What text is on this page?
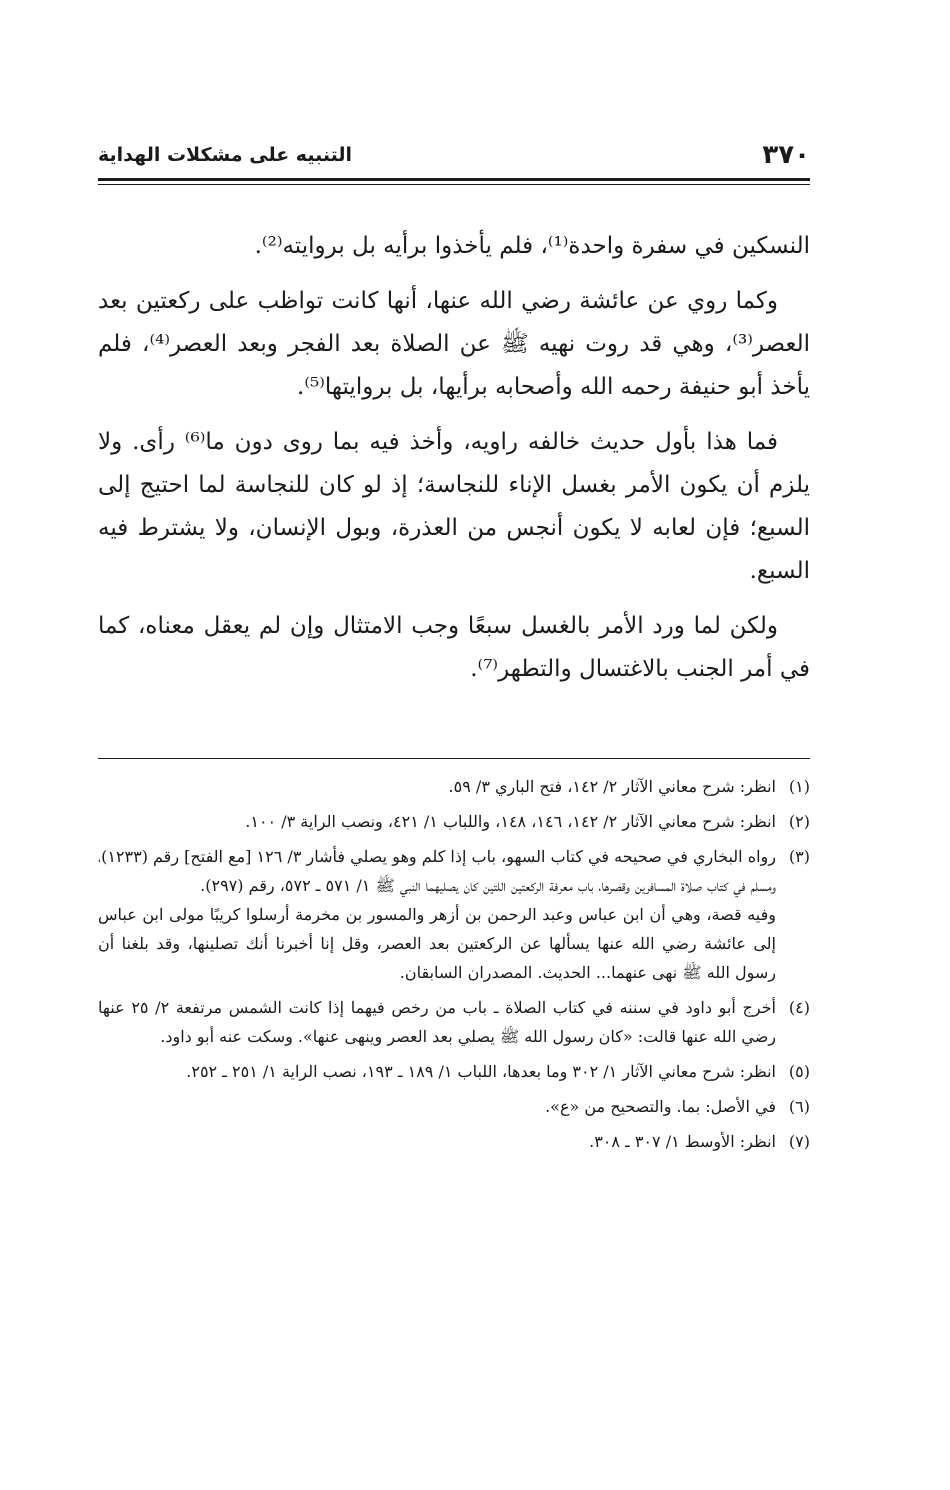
٣٧٠
التنبيه على مشكلات الهداية

النسكين في سفرة واحدة⁽¹⁾، فلم يأخذوا برأيه بل بروايته⁽²⁾.

وكما روي عن عائشة رضي الله عنها، أنها كانت تواظب على ركعتين بعد العصر⁽³⁾، وهي قد روت نهيه ﷺ عن الصلاة بعد الفجر وبعد العصر⁽⁴⁾، فلم يأخذ أبو حنيفة رحمه الله وأصحابه برأيها، بل بروايتها⁽⁵⁾.

فما هذا بأول حديث خالفه راويه، وأخذ فيه بما روى دون ما⁽⁶⁾ رأى. ولا يلزم أن يكون الأمر بغسل الإناء للنجاسة؛ إذ لو كان للنجاسة لما احتيج إلى السبع؛ فإن لعابه لا يكون أنجس من العذرة، وبول الإنسان، ولا يشترط فيه السبع.

ولكن لما ورد الأمر بالغسل سبعًا وجب الامتثال وإن لم يعقل معناه، كما في أمر الجنب بالاغتسال والتطهر⁽⁷⁾.

(١)
انظر: شرح معاني الآثار ٢/ ١٤٢، فتح الباري ٣/ ٥٩.
(٢)
انظر: شرح معاني الآثار ٢/ ١٤٢، ١٤٦، ١٤٨، واللباب ١/ ٤٢١، ونصب الراية ٣/ ١٠٠.
(٣)
رواه البخاري في صحيحه في كتاب السهو، باب إذا كلم وهو يصلي فأشار ٣/ ١٢٦ [مع الفتح] رقم (١٢٣٣)، ومسلم في كتاب صلاة المسافرين وقصرها، باب معرفة الركعتين اللتين كان يصليهما النبي ﷺ ١/ ٥٧١ ـ ٥٧٢، رقم (٢٩٧).
وفيه قصة، وهي أن ابن عباس وعبد الرحمن بن أزهر والمسور بن مخرمة أرسلوا كريبًا مولى ابن عباس إلى عائشة رضي الله عنها يسألها عن الركعتين بعد العصر، وقل إنا أخبرنا أنك تصلينها، وقد بلغنا أن رسول الله ﷺ نهى عنهما... الحديث. المصدران السابقان.
(٤)
أخرج أبو داود في سننه في كتاب الصلاة ـ باب من رخص فيهما إذا كانت الشمس مرتفعة ٢/ ٢٥ عنها رضي الله عنها قالت: «كان رسول الله ﷺ يصلي بعد العصر وينهى عنها». وسكت عنه أبو داود.
(٥)
انظر: شرح معاني الآثار ١/ ٣٠٢ وما بعدها، اللباب ١/ ١٨٩ ـ ١٩٣، نصب الراية ١/ ٢٥١ ـ ٢٥٢.
(٦)
في الأصل: بما. والتصحيح من «ع».
(٧)
انظر: الأوسط ١/ ٣٠٧ ـ ٣٠٨.
